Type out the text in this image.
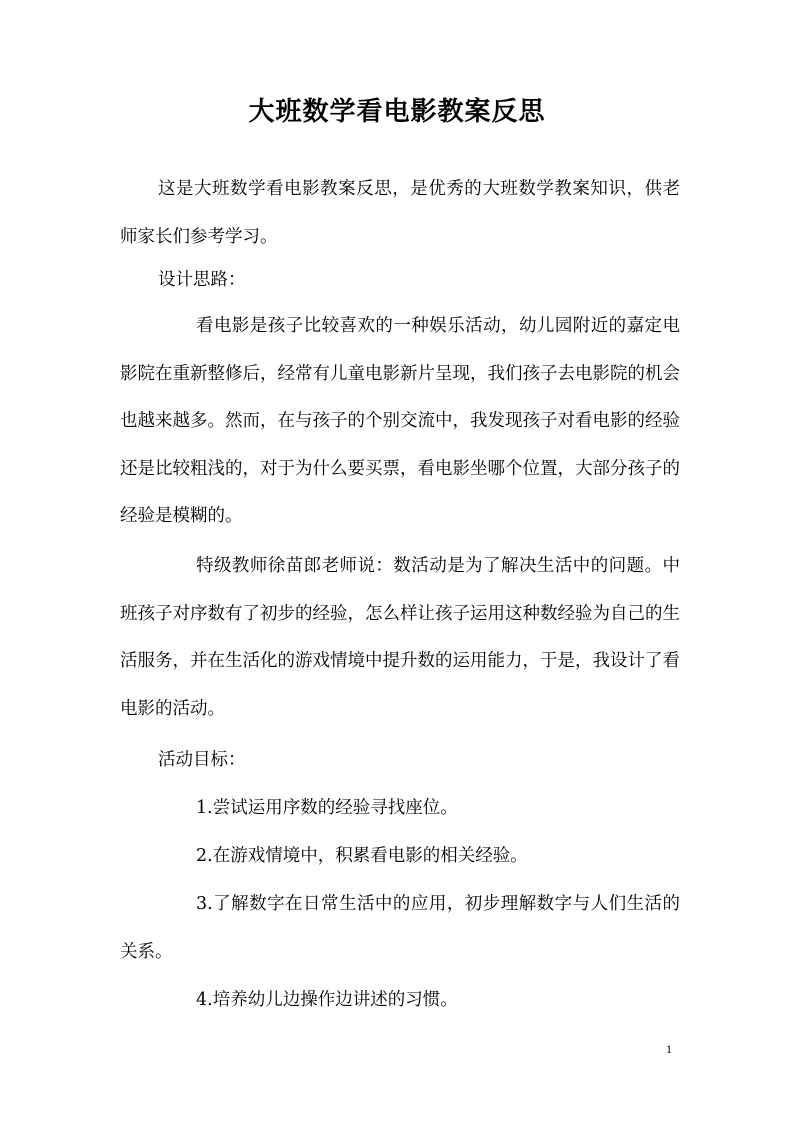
大班数学看电影教案反思

这是大班数学看电影教案反思，是优秀的大班数学教案知识，供老师家长们参考学习。

设计思路：

看电影是孩子比较喜欢的一种娱乐活动，幼儿园附近的嘉定电影院在重新整修后，经常有儿童电影新片呈现，我们孩子去电影院的机会也越来越多。然而，在与孩子的个别交流中，我发现孩子对看电影的经验还是比较粗浅的，对于为什么要买票，看电影坐哪个位置，大部分孩子的经验是模糊的。

特级教师徐苗郎老师说：数活动是为了解决生活中的问题。中班孩子对序数有了初步的经验，怎么样让孩子运用这种数经验为自己的生活服务，并在生活化的游戏情境中提升数的运用能力，于是，我设计了看电影的活动。

活动目标：

1.尝试运用序数的经验寻找座位。

2.在游戏情境中，积累看电影的相关经验。

3.了解数字在日常生活中的应用，初步理解数字与人们生活的关系。

4.培养幼儿边操作边讲述的习惯。

1
